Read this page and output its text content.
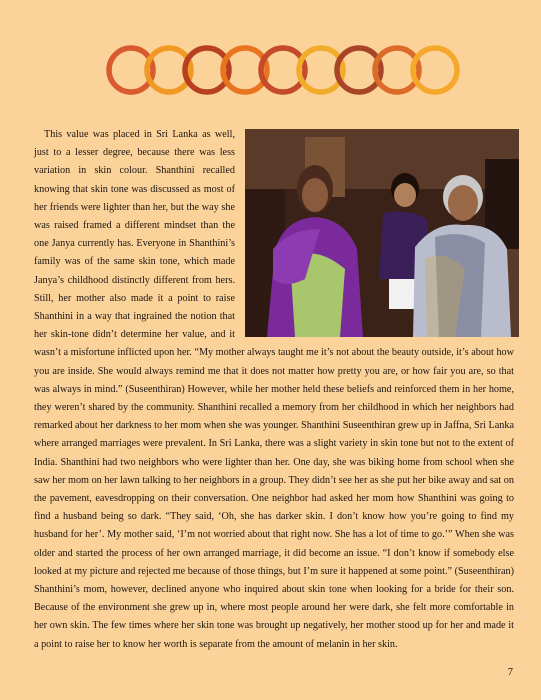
This value was placed in Sri Lanka as well, just to a lesser degree, because there was less variation in skin colour. Shanthini recalled knowing that skin tone was discussed as most of her friends were lighter than her, but the way she was raised framed a different mindset than the one Janya currently has. Everyone in Shanthini’s family was of the same skin tone, which made Janya’s childhood distinctly different from hers. Still, her mother also made it a point to raise Shanthini in a way that ingrained the notion that her skin-tone didn’t determine her value, and it wasn’t a misfortune inflicted upon her. “My mother always taught me it’s not about the beauty outside, it’s about how you are inside. She would always remind me that it does not matter how pretty you are, or how fair you are, so that was always in mind.” (Suseenthiran) However, while her mother held these beliefs and reinforced them in her home, they weren’t shared by the community. Shanthini recalled a memory from her childhood in which her neighbors had remarked about her darkness to her mom when she was younger. Shanthini Suseenthiran grew up in Jaffna, Sri Lanka where arranged marriages were prevalent. In Sri Lanka, there was a slight variety in skin tone but not to the extent of India. Shanthini had two neighbors who were lighter than her. One day, she was biking home from school when she saw her mom on her lawn talking to her neighbors in a group. They didn’t see her as she put her bike away and sat on the pavement, eavesdropping on their conversation. One neighbor had asked her mom how Shanthini was going to find a husband being so dark. “They said, ‘Oh, she has darker skin. I don’t know how you’re going to find my husband for her’. My mother said, ‘I’m not worried about that right now. She has a lot of time to go.’” When she was older and started the process of her own arranged marriage, it did become an issue. “I don’t know if somebody else looked at my picture and rejected me because of those things, but I’m sure it happened at some point.” (Suseenthiran) Shanthini’s mom, however, declined anyone who inquired about skin tone when looking for a bride for their son. Because of the environment she grew up in, where most people around her were dark, she felt more comfortable in her own skin. The few times where her skin tone was brought up negatively, her mother stood up for her and made it a point to raise her to know her worth is separate from the amount of melanin in her skin.

7
